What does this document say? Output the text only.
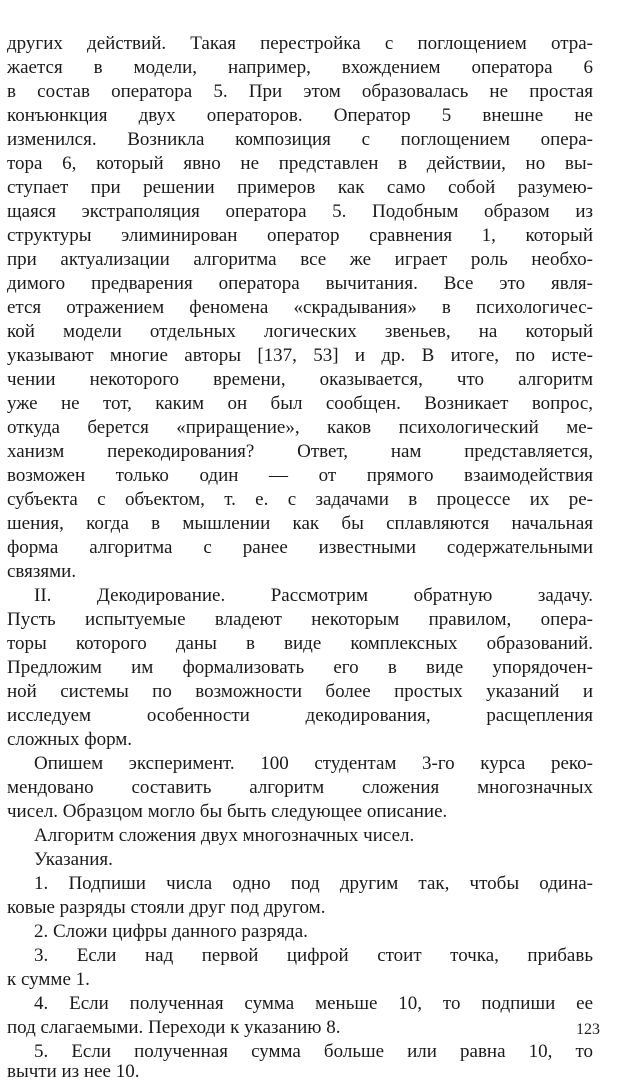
других действий. Такая перестройка с поглощением отра-
жается в модели, например, вхождением оператора 6
в состав оператора 5. При этом образовалась не простая
конъюнкция двух операторов. Оператор 5 внешне не
изменился. Возникла композиция с поглощением опера-
тора 6, который явно не представлен в действии, но вы-
ступает при решении примеров как само собой разумею-
щаяся экстраполяция оператора 5. Подобным образом из
структуры элиминирован оператор сравнения 1, который
при актуализации алгоритма все же играет роль необхо-
димого предварения оператора вычитания. Все это явля-
ется отражением феномена «скрадывания» в психологичес-
кой модели отдельных логических звеньев, на который
указывают многие авторы [137, 53] и др. В итоге, по исте-
чении некоторого времени, оказывается, что алгоритм
уже не тот, каким он был сообщен. Возникает вопрос,
откуда берется «приращение», каков психологический ме-
ханизм перекодирования? Ответ, нам представляется,
возможен только один — от прямого взаимодействия
субъекта с объектом, т. е. с задачами в процессе их ре-
шения, когда в мышлении как бы сплавляются начальная
форма алгоритма с ранее известными содержательными
связями.
II. Декодирование. Рассмотрим обратную задачу.
Пусть испытуемые владеют некоторым правилом, опера-
торы которого даны в виде комплексных образований.
Предложим им формализовать его в виде упорядочен-
ной системы по возможности более простых указаний и
исследуем особенности декодирования, расщепления
сложных форм.
Опишем эксперимент. 100 студентам 3-го курса реко-
мендовано составить алгоритм сложения многозначных
чисел. Образцом могло бы быть следующее описание.
Алгоритм сложения двух многозначных чисел.
Указания.
1. Подпиши числа одно под другим так, чтобы одина-
ковые разряды стояли друг под другом.
2. Сложи цифры данного разряда.
3. Если над первой цифрой стоит точка, прибавь
к сумме 1.
4. Если полученная сумма меньше 10, то подпиши ее
под слагаемыми. Переходи к указанию 8.
5. Если полученная сумма больше или равна 10, то
вычти из нее 10.
123
